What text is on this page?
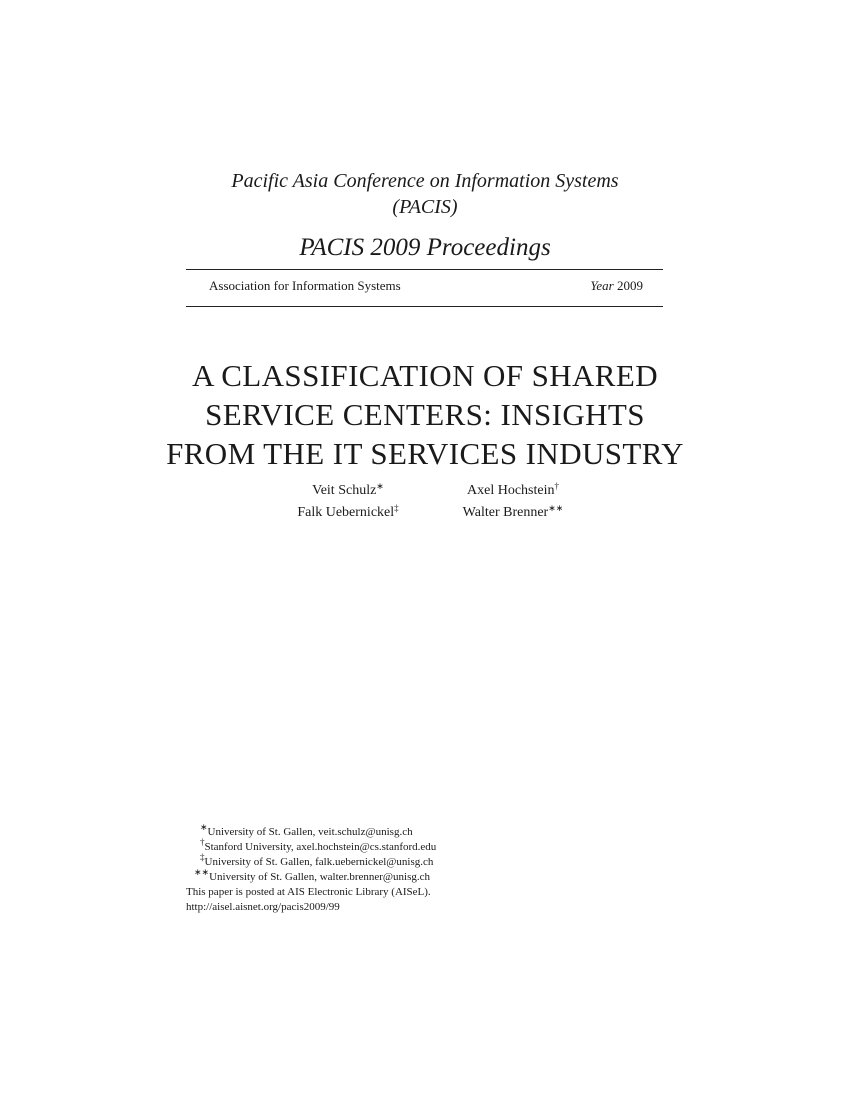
Pacific Asia Conference on Information Systems
(PACIS)
PACIS 2009 Proceedings
Association for Information Systems	Year 2009
A CLASSIFICATION OF SHARED
SERVICE CENTERS: INSIGHTS
FROM THE IT SERVICES INDUSTRY
Veit Schulz∗
Falk Uebernickel‡
Axel Hochstein†
Walter Brenner∗∗
∗University of St. Gallen, veit.schulz@unisg.ch
†Stanford University, axel.hochstein@cs.stanford.edu
‡University of St. Gallen, falk.uebernickel@unisg.ch
∗∗University of St. Gallen, walter.brenner@unisg.ch
This paper is posted at AIS Electronic Library (AISeL).
http://aisel.aisnet.org/pacis2009/99
